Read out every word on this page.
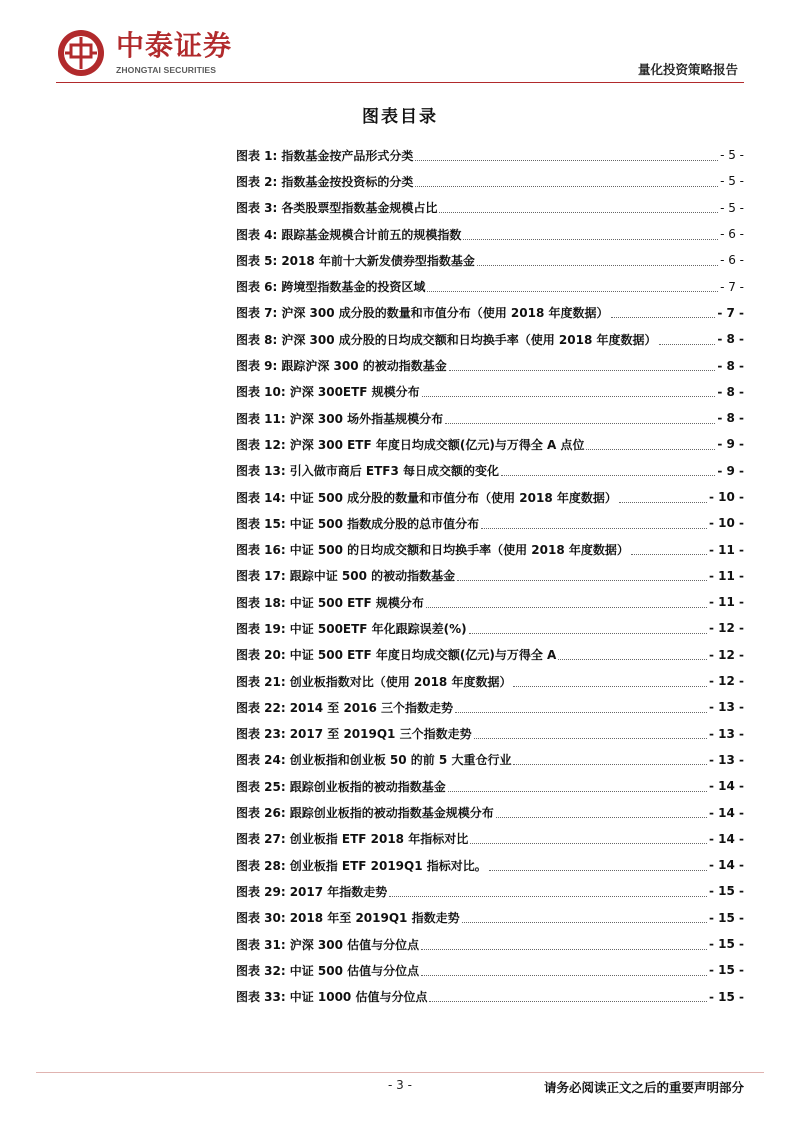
中泰证券
ZHONGTAI SECURITIES	量化投资策略报告
图表目录
图表 1: 指数基金按产品形式分类	- 5 -
图表 2: 指数基金按投资标的分类	- 5 -
图表 3: 各类股票型指数基金规模占比	- 5 -
图表 4: 跟踪基金规模合计前五的规模指数	- 6 -
图表 5: 2018 年前十大新发债券型指数基金	- 6 -
图表 6: 跨境型指数基金的投资区域	- 7 -
图表 7: 沪深 300 成分股的数量和市值分布（使用 2018 年度数据）	- 7 -
图表 8: 沪深 300 成分股的日均成交额和日均换手率（使用 2018 年度数据）	- 8 -
图表 9: 跟踪沪深 300 的被动指数基金	- 8 -
图表 10: 沪深 300ETF 规模分布	- 8 -
图表 11: 沪深 300 场外指基规模分布	- 8 -
图表 12: 沪深 300 ETF 年度日均成交额(亿元)与万得全 A 点位	- 9 -
图表 13: 引入做市商后 ETF3 每日成交额的变化	- 9 -
图表 14: 中证 500 成分股的数量和市值分布（使用 2018 年度数据）	- 10 -
图表 15: 中证 500 指数成分股的总市值分布	- 10 -
图表 16: 中证 500 的日均成交额和日均换手率（使用 2018 年度数据）	- 11 -
图表 17: 跟踪中证 500 的被动指数基金	- 11 -
图表 18: 中证 500 ETF 规模分布	- 11 -
图表 19: 中证 500ETF 年化跟踪误差(%)	- 12 -
图表 20: 中证 500 ETF 年度日均成交额(亿元)与万得全 A	- 12 -
图表 21: 创业板指数对比（使用 2018 年度数据）	- 12 -
图表 22: 2014 至 2016 三个指数走势	- 13 -
图表 23: 2017 至 2019Q1 三个指数走势	- 13 -
图表 24: 创业板指和创业板 50 的前 5 大重仓行业	- 13 -
图表 25: 跟踪创业板指的被动指数基金	- 14 -
图表 26: 跟踪创业板指的被动指数基金规模分布	- 14 -
图表 27: 创业板指 ETF 2018 年指标对比	- 14 -
图表 28: 创业板指 ETF 2019Q1 指标对比。	- 14 -
图表 29: 2017 年指数走势	- 15 -
图表 30: 2018 年至 2019Q1 指数走势	- 15 -
图表 31: 沪深 300 估值与分位点	- 15 -
图表 32: 中证 500 估值与分位点	- 15 -
图表 33: 中证 1000 估值与分位点	- 15 -
- 3 -	请务必阅读正文之后的重要声明部分
